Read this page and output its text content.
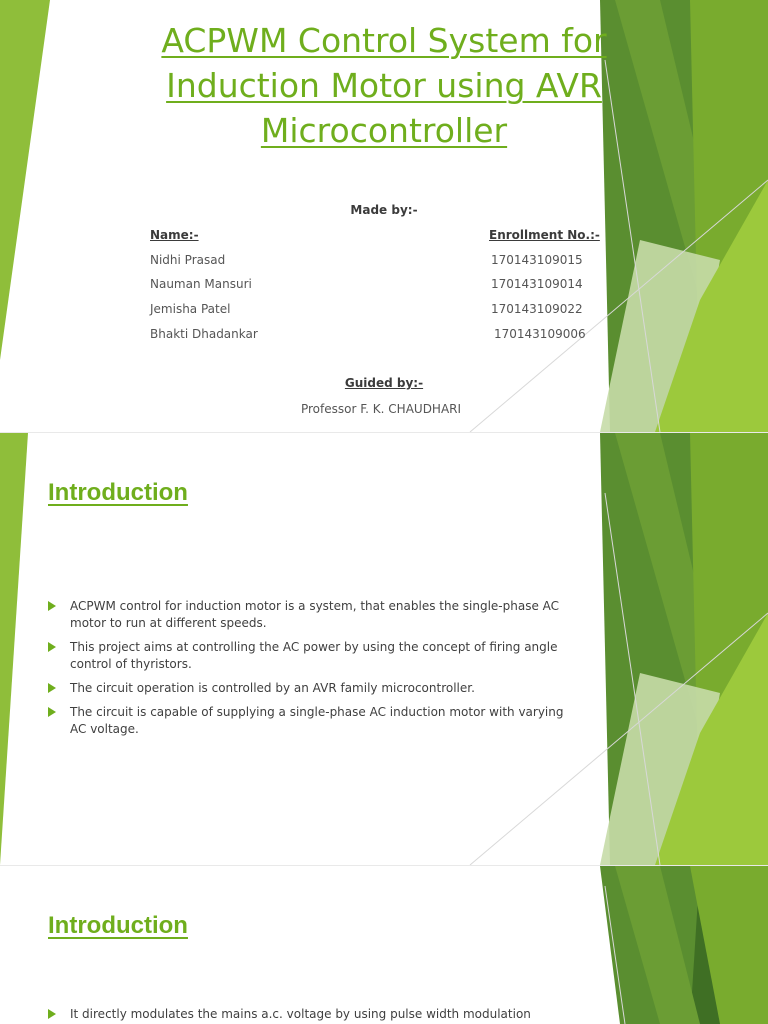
ACPWM Control System for Induction Motor using AVR Microcontroller
Made by:-
Name:-	Enrollment No.:-
Nidhi Prasad	170143109015
Nauman Mansuri	170143109014
Jemisha Patel	170143109022
Bhakti Dhadankar	170143109006
Guided by:-
Professor F. K. CHAUDHARI
Introduction
ACPWM control for induction motor is a system, that enables the single-phase AC motor to run at different speeds.
This project aims at controlling the AC power by using the concept of firing angle control of thyristors.
The circuit operation is controlled by an AVR family microcontroller.
The circuit is capable of supplying a single-phase AC induction motor with varying AC voltage.
Introduction
It directly modulates the mains a.c. voltage by using pulse width modulation
